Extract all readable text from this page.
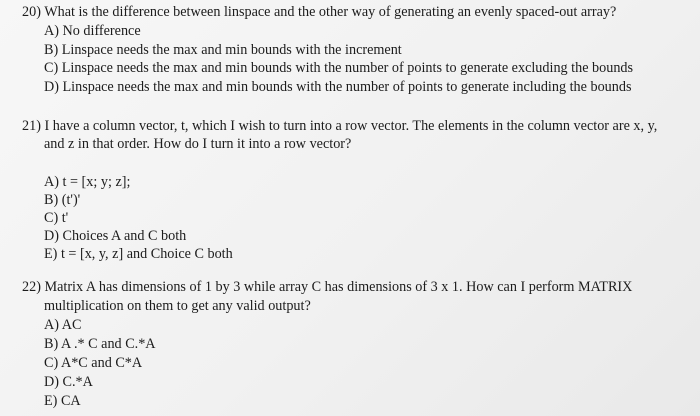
20) What is the difference between linspace and the other way of generating an evenly spaced-out array?
A) No difference
B) Linspace needs the max and min bounds with the increment
C) Linspace needs the max and min bounds with the number of points to generate excluding the bounds
D) Linspace needs the max and min bounds with the number of points to generate including the bounds
21) I have a column vector, t, which I wish to turn into a row vector. The elements in the column vector are x, y,
and z in that order. How do I turn it into a row vector?
A) t = [x; y; z];
B) (t')'
C) t'
D) Choices A and C both
E) t = [x, y, z] and Choice C both
22) Matrix A has dimensions of 1 by 3 while array C has dimensions of 3 x 1. How can I perform MATRIX
multiplication on them to get any valid output?
A) AC
B) A .* C and C.*A
C) A*C and C*A
D) C.*A
E) CA
